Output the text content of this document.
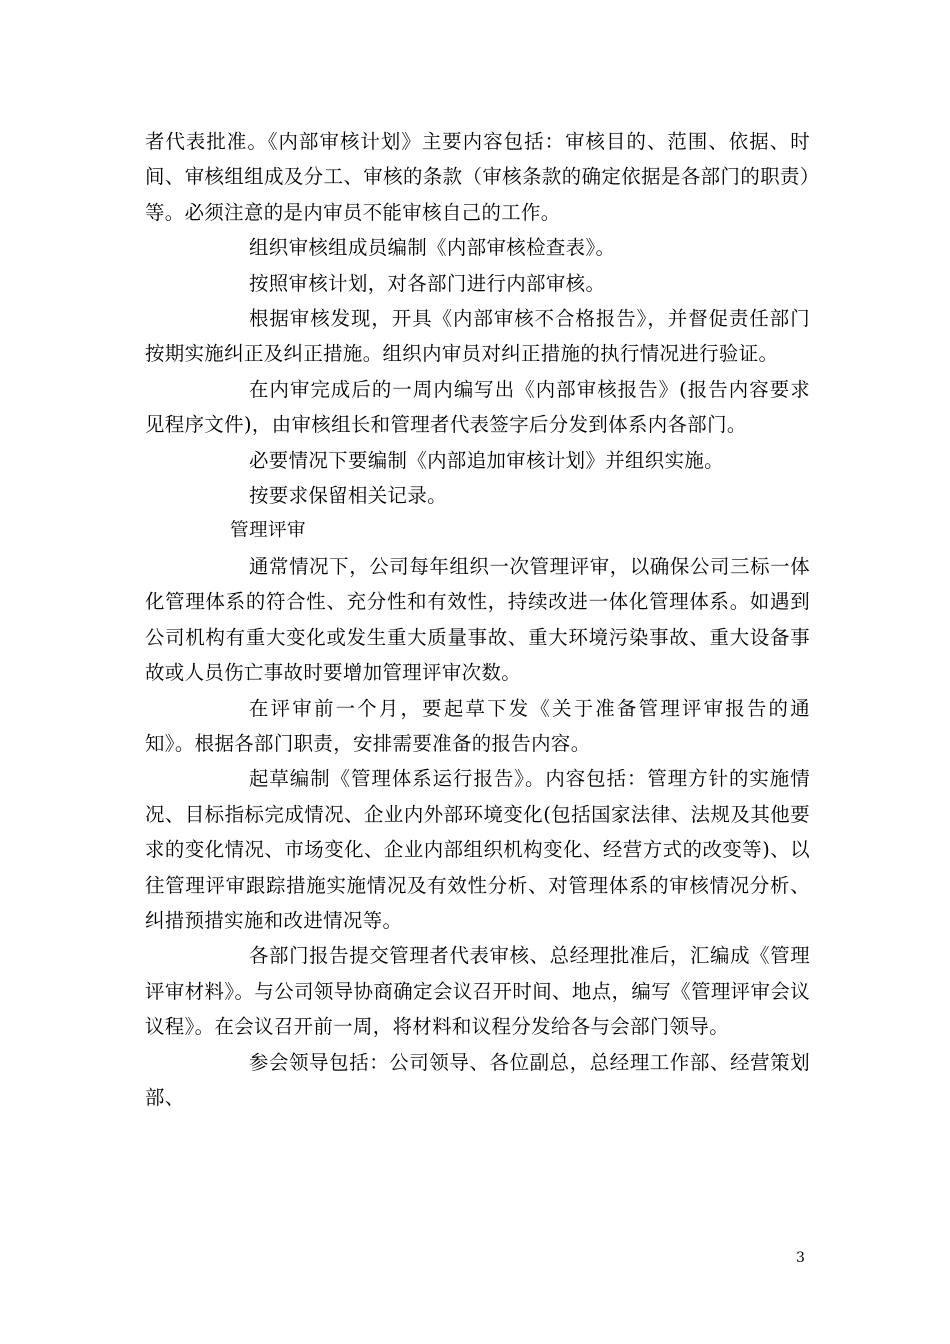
者代表批准。《内部审核计划》主要内容包括：审核目的、范围、依据、时间、审核组组成及分工、审核的条款（审核条款的确定依据是各部门的职责）等。必须注意的是内审员不能审核自己的工作。

组织审核组成员编制《内部审核检查表》。

按照审核计划，对各部门进行内部审核。

根据审核发现，开具《内部审核不合格报告》，并督促责任部门按期实施纠正及纠正措施。组织内审员对纠正措施的执行情况进行验证。

在内审完成后的一周内编写出《内部审核报告》(报告内容要求见程序文件)，由审核组长和管理者代表签字后分发到体系内各部门。

必要情况下要编制《内部追加审核计划》并组织实施。

按要求保留相关记录。

管理评审

通常情况下，公司每年组织一次管理评审，以确保公司三标一体化管理体系的符合性、充分性和有效性，持续改进一体化管理体系。如遇到公司机构有重大变化或发生重大质量事故、重大环境污染事故、重大设备事故或人员伤亡事故时要增加管理评审次数。

在评审前一个月，要起草下发《关于准备管理评审报告的通知》。根据各部门职责，安排需要准备的报告内容。

起草编制《管理体系运行报告》。内容包括：管理方针的实施情况、目标指标完成情况、企业内外部环境变化(包括国家法律、法规及其他要求的变化情况、市场变化、企业内部组织机构变化、经营方式的改变等)、以往管理评审跟踪措施实施情况及有效性分析、对管理体系的审核情况分析、纠措预措实施和改进情况等。

各部门报告提交管理者代表审核、总经理批准后，汇编成《管理评审材料》。与公司领导协商确定会议召开时间、地点，编写《管理评审会议议程》。在会议召开前一周，将材料和议程分发给各与会部门领导。

参会领导包括：公司领导、各位副总，总经理工作部、经营策划部、

3
